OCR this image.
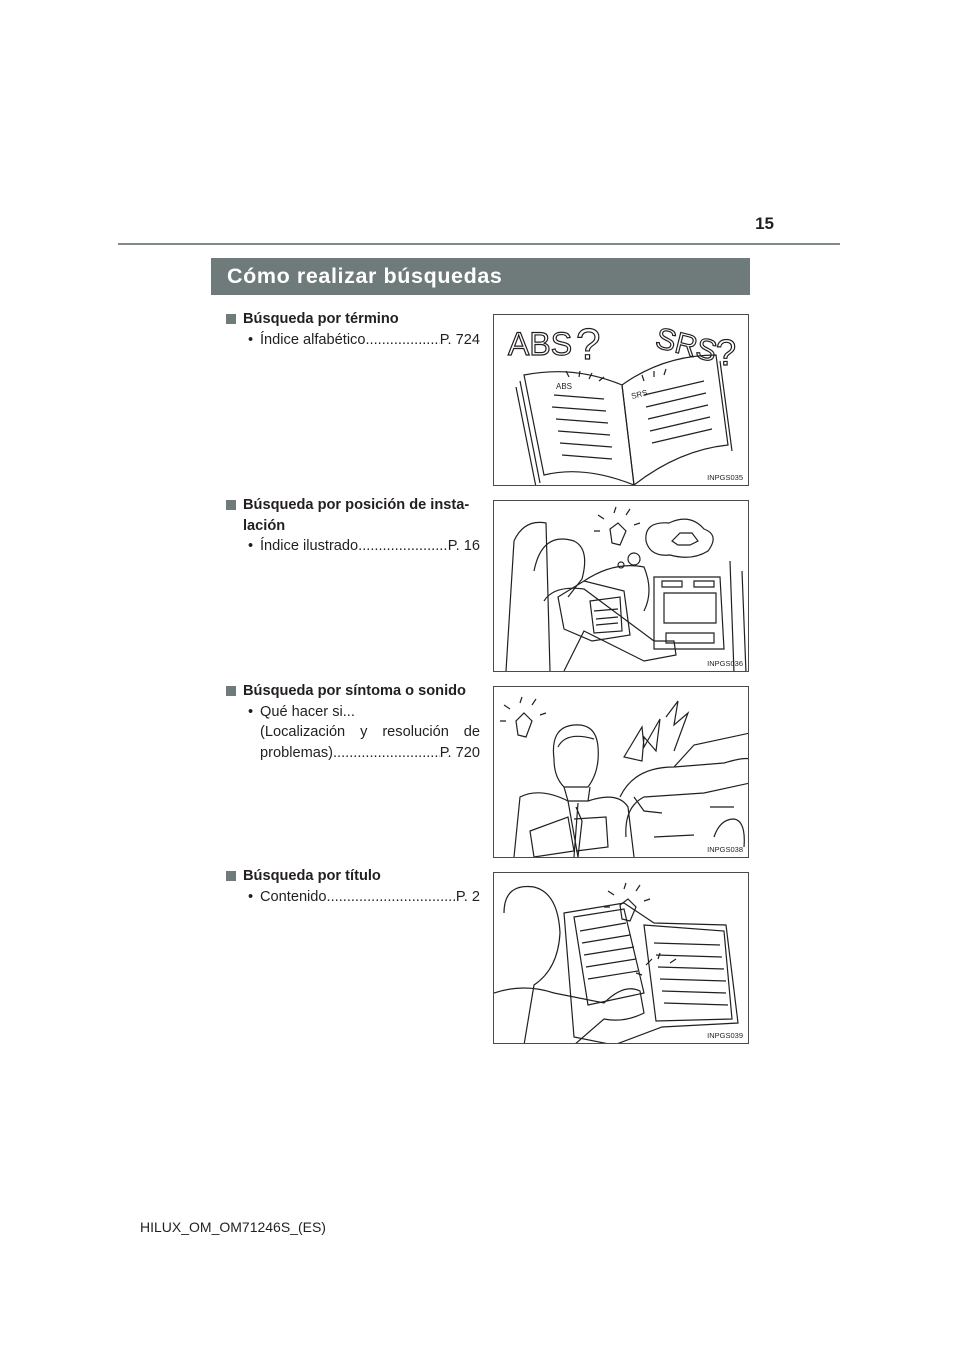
15
Cómo realizar búsquedas
Búsqueda por término
• Índice alfabético .....	P. 724
Búsqueda por posición de insta-
lación
• Índice ilustrado .....	P. 16
Búsqueda por síntoma o sonido
• Qué hacer si...
(Localización y resolución de
problemas) .....	P. 720
Búsqueda por título
• Contenido .....	P. 2
ABS ? SRS
?
ABS
SRS
INPGS035
INPGS036
INPGS038
INPGS039
HILUX_OM_OM71246S_(ES)
